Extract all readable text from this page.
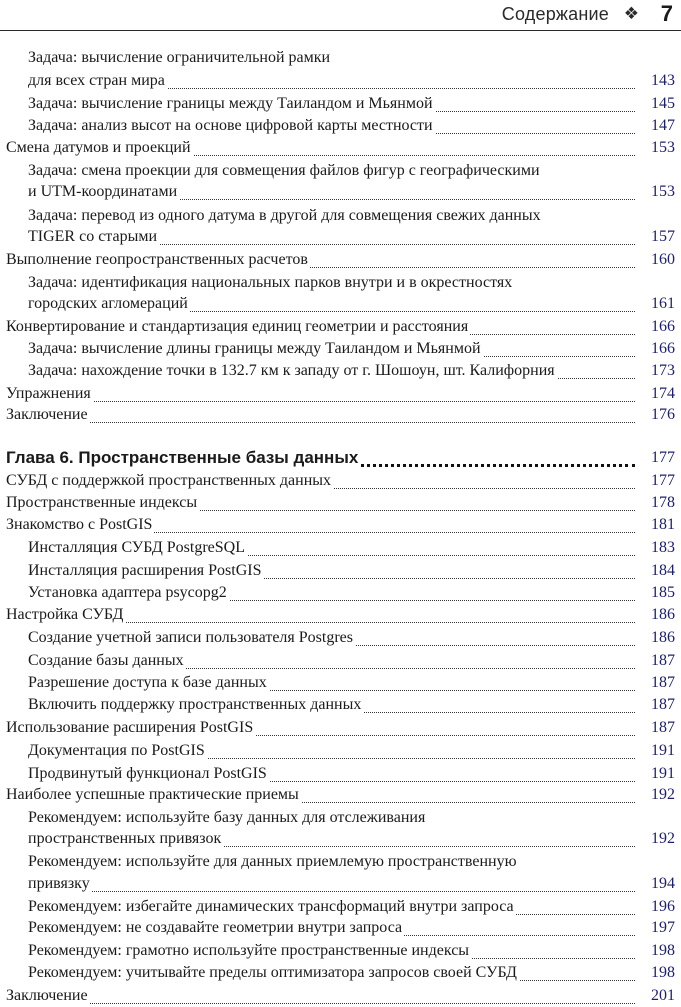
Содержание ❖ 7
Задача: вычисление ограничительной рамки
для всех стран мира	143
Задача: вычисление границы между Таиландом и Мьянмой	145
Задача: анализ высот на основе цифровой карты местности	147
Смена датумов и проекций	153
Задача: смена проекции для совмещения файлов фигур с географическими
и UTM-координатами	153
Задача: перевод из одного датума в другой для совмещения свежих данных
TIGER со старыми	157
Выполнение геопространственных расчетов	160
Задача: идентификация национальных парков внутри и в окрестностях
городских агломераций	161
Конвертирование и стандартизация единиц геометрии и расстояния	166
Задача: вычисление длины границы между Таиландом и Мьянмой	166
Задача: нахождение точки в 132.7 км к западу от г. Шошоун, шт. Калифорния	173
Упражнения	174
Заключение	176
Глава 6. Пространственные базы данных	177
СУБД с поддержкой пространственных данных	177
Пространственные индексы	178
Знакомство с PostGIS	181
Инсталляция СУБД PostgreSQL	183
Инсталляция расширения PostGIS	184
Установка адаптера psycopg2	185
Настройка СУБД	186
Создание учетной записи пользователя Postgres	186
Создание базы данных	187
Разрешение доступа к базе данных	187
Включить поддержку пространственных данных	187
Использование расширения PostGIS	187
Документация по PostGIS	191
Продвинутый функционал PostGIS	191
Наиболее успешные практические приемы	192
Рекомендуем: используйте базу данных для отслеживания
пространственных привязок	192
Рекомендуем: используйте для данных приемлемую пространственную
привязку	194
Рекомендуем: избегайте динамических трансформаций внутри запроса	196
Рекомендуем: не создавайте геометрии внутри запроса	197
Рекомендуем: грамотно используйте пространственные индексы	198
Рекомендуем: учитывайте пределы оптимизатора запросов своей СУБД	198
Заключение	201
